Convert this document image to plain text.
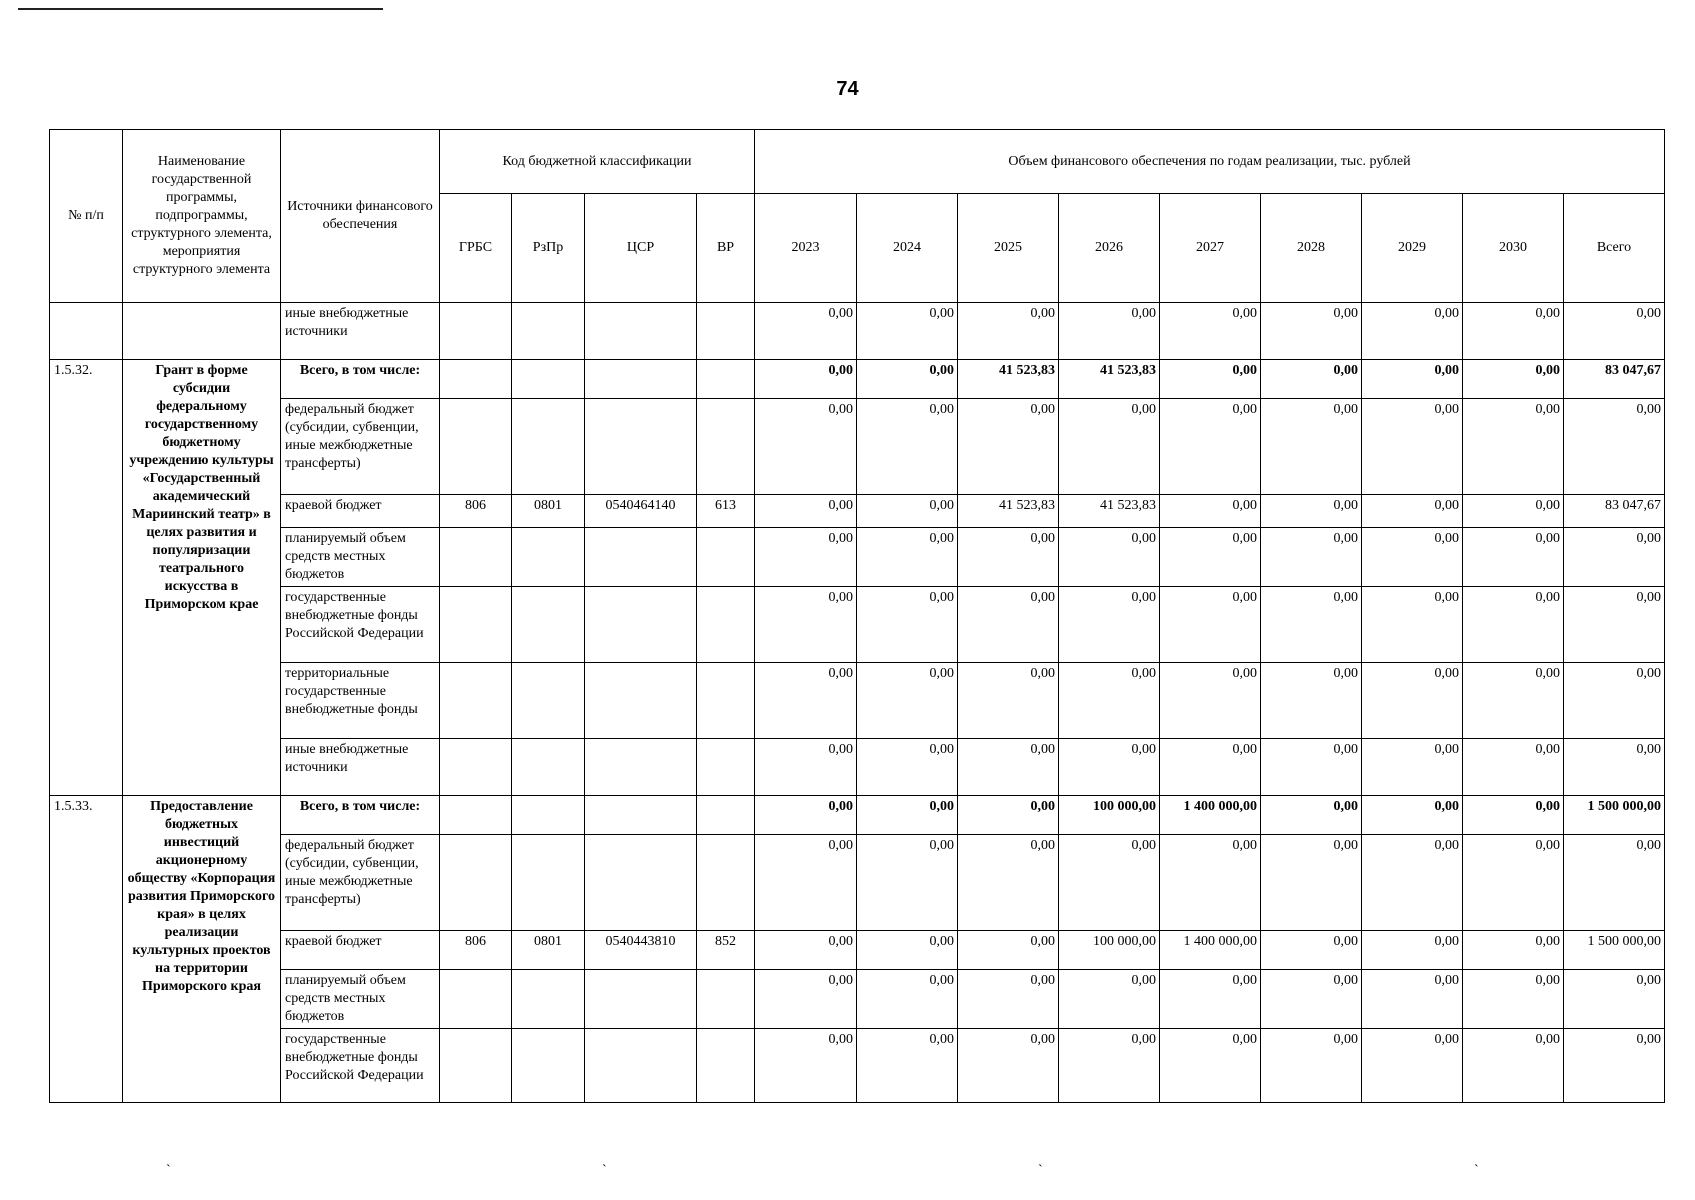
74
№ п/п	Наименование государственной программы, подпрограммы, структурного элемента, мероприятия структурного элемента	Источники финансового обеспечения	Код бюджетной классификации				Объем финансового обеспечения по годам реализации, тыс. рублей								
			ГРБС	РзПр	ЦСР	ВР	2023	2024	2025	2026	2027	2028	2029	2030	Всего
		иные внебюджетные источники					0,00	0,00	0,00	0,00	0,00	0,00	0,00	0,00	0,00
1.5.32.	Грант в форме субсидии федеральному государственному бюджетному учреждению культуры «Государственный академический Мариинский театр» в целях развития и популяризации театрального искусства в Приморском крае	Всего, в том числе:					0,00	0,00	41 523,83	41 523,83	0,00	0,00	0,00	0,00	83 047,67
		федеральный бюджет (субсидии, субвенции, иные межбюджетные трансферты)					0,00	0,00	0,00	0,00	0,00	0,00	0,00	0,00	0,00
		краевой бюджет	806	0801	0540464140	613	0,00	0,00	41 523,83	41 523,83	0,00	0,00	0,00	0,00	83 047,67
		планируемый объем средств местных бюджетов					0,00	0,00	0,00	0,00	0,00	0,00	0,00	0,00	0,00
		государственные внебюджетные фонды Российской Федерации					0,00	0,00	0,00	0,00	0,00	0,00	0,00	0,00	0,00
		территориальные государственные внебюджетные фонды					0,00	0,00	0,00	0,00	0,00	0,00	0,00	0,00	0,00
		иные внебюджетные источники					0,00	0,00	0,00	0,00	0,00	0,00	0,00	0,00	0,00
1.5.33.	Предоставление бюджетных инвестиций акционерному обществу «Корпорация развития Приморского края» в целях реализации культурных проектов на территории Приморского края	Всего, в том числе:					0,00	0,00	0,00	100 000,00	1 400 000,00	0,00	0,00	0,00	1 500 000,00
		федеральный бюджет (субсидии, субвенции, иные межбюджетные трансферты)					0,00	0,00	0,00	0,00	0,00	0,00	0,00	0,00	0,00
		краевой бюджет	806	0801	0540443810	852	0,00	0,00	0,00	100 000,00	1 400 000,00	0,00	0,00	0,00	1 500 000,00
		планируемый объем средств местных бюджетов					0,00	0,00	0,00	0,00	0,00	0,00	0,00	0,00	0,00
		государственные внебюджетные фонды Российской Федерации					0,00	0,00	0,00	0,00	0,00	0,00	0,00	0,00	0,00
`	`	`	`
